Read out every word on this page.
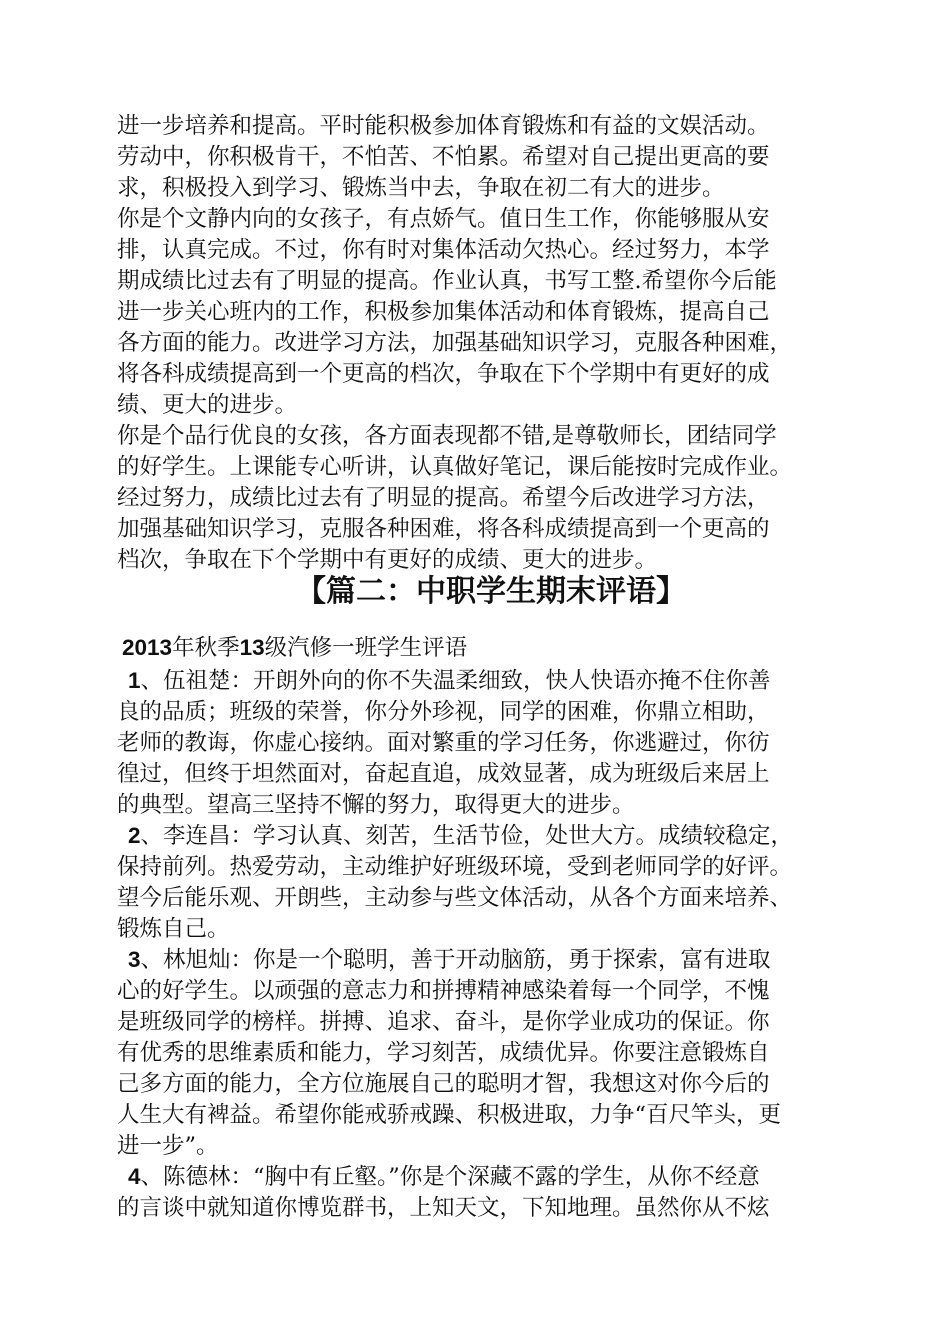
进一步培养和提高。平时能积极参加体育锻炼和有益的文娱活动。
劳动中，你积极肯干，不怕苦、不怕累。希望对自己提出更高的要
求，积极投入到学习、锻炼当中去，争取在初二有大的进步。
你是个文静内向的女孩子，有点娇气。值日生工作，你能够服从安
排，认真完成。不过，你有时对集体活动欠热心。经过努力，本学
期成绩比过去有了明显的提高。作业认真，书写工整.希望你今后能
进一步关心班内的工作，积极参加集体活动和体育锻炼，提高自己
各方面的能力。改进学习方法，加强基础知识学习，克服各种困难，
将各科成绩提高到一个更高的档次，争取在下个学期中有更好的成
绩、更大的进步。
你是个品行优良的女孩，各方面表现都不错,是尊敬师长，团结同学
的好学生。上课能专心听讲，认真做好笔记，课后能按时完成作业。
经过努力，成绩比过去有了明显的提高。希望今后改进学习方法，
加强基础知识学习，克服各种困难，将各科成绩提高到一个更高的
档次，争取在下个学期中有更好的成绩、更大的进步。
【篇二：中职学生期末评语】
2013年秋季13级汽修一班学生评语
1、伍祖楚：开朗外向的你不失温柔细致，快人快语亦掩不住你善
良的品质；班级的荣誉，你分外珍视，同学的困难，你鼎立相助，
老师的教诲，你虚心接纳。面对繁重的学习任务，你逃避过，你彷
徨过，但终于坦然面对，奋起直追，成效显著，成为班级后来居上
的典型。望高三坚持不懈的努力，取得更大的进步。
2、李连昌：学习认真、刻苦，生活节俭，处世大方。成绩较稳定，
保持前列。热爱劳动，主动维护好班级环境，受到老师同学的好评。
望今后能乐观、开朗些，主动参与些文体活动，从各个方面来培养、
锻炼自己。
3、林旭灿：你是一个聪明，善于开动脑筋，勇于探索，富有进取
心的好学生。以顽强的意志力和拼搏精神感染着每一个同学，不愧
是班级同学的榜样。拼搏、追求、奋斗，是你学业成功的保证。你
有优秀的思维素质和能力，学习刻苦，成绩优异。你要注意锻炼自
己多方面的能力，全方位施展自己的聪明才智，我想这对你今后的
人生大有裨益。希望你能戒骄戒躁、积极进取，力争“百尺竿头，更
进一步”。
4、陈德林：“胸中有丘壑。”你是个深藏不露的学生，从你不经意
的言谈中就知道你博览群书，上知天文，下知地理。虽然你从不炫
